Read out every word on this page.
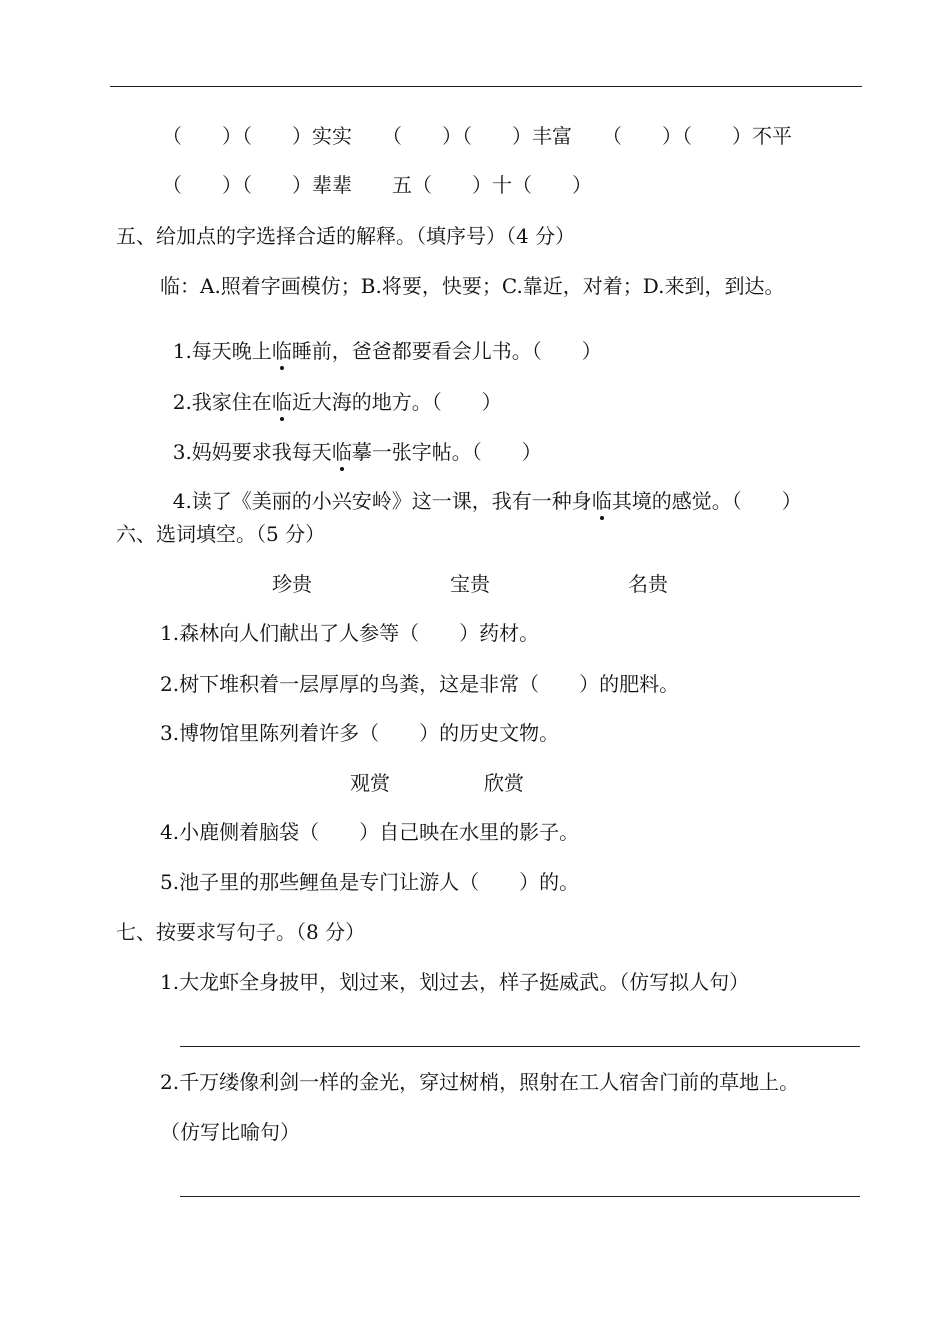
（　　）（　　）实实　　（　　）（　　）丰富　　（　　）（　　）不平
（　　）（　　）辈辈　　五（　　）十（　　）
五、给加点的字选择合适的解释。（填序号）（4 分）
临：A.照着字画模仿；B.将要，快要；C.靠近，对着；D.来到，到达。

1.每天晚上临睡前，爸爸都要看会儿书。（　　）

2.我家住在临近大海的地方。（　　）

3.妈妈要求我每天临摹一张字帖。（　　）

4.读了《美丽的小兴安岭》这一课，我有一种身临其境的感觉。（　　）

六、选词填空。（5 分）
珍贵	宝贵	名贵
1.森林向人们献出了人参等（　　）药材。
2.树下堆积着一层厚厚的鸟粪，这是非常（　　）的肥料。
3.博物馆里陈列着许多（　　）的历史文物。
观赏	欣赏
4.小鹿侧着脑袋（　　）自己映在水里的影子。
5.池子里的那些鲤鱼是专门让游人（　　）的。
七、按要求写句子。（8 分）
1.大龙虾全身披甲，划过来，划过去，样子挺威武。（仿写拟人句）
2.千万缕像利剑一样的金光，穿过树梢，照射在工人宿舍门前的草地上。
（仿写比喻句）
